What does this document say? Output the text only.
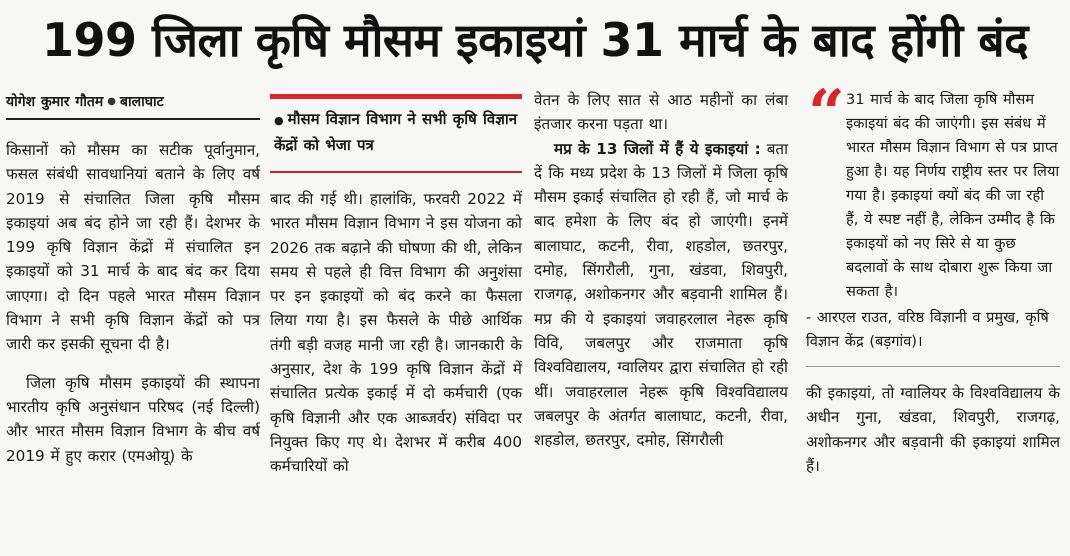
199 जिला कृषि मौसम इकाइयां 31 मार्च के बाद होंगी बंद
योगेश कुमार गौतम ● बालाघाट

किसानों को मौसम का सटीक पूर्वानुमान, फसल संबंधी सावधानियां बताने के लिए वर्ष 2019 से संचालित जिला कृषि मौसम इकाइयां अब बंद होने जा रही हैं। देशभर के 199 कृषि विज्ञान केंद्रों में संचालित इन इकाइयों को 31 मार्च के बाद बंद कर दिया जाएगा। दो दिन पहले भारत मौसम विज्ञान विभाग ने सभी कृषि विज्ञान केंद्रों को पत्र जारी कर इसकी सूचना दी है।

जिला कृषि मौसम इकाइयों की स्थापना भारतीय कृषि अनुसंधान परिषद (नई दिल्ली) और भारत मौसम विज्ञान विभाग के बीच वर्ष 2019 में हुए करार (एमओयू) के

● मौसम विज्ञान विभाग ने सभी कृषि विज्ञान केंद्रों को भेजा पत्र

बाद की गई थी। हालांकि, फरवरी 2022 में भारत मौसम विज्ञान विभाग ने इस योजना को 2026 तक बढ़ाने की घोषणा की थी, लेकिन समय से पहले ही वित्त विभाग की अनुशंसा पर इन इकाइयों को बंद करने का फैसला लिया गया है। इस फैसले के पीछे आर्थिक तंगी बड़ी वजह मानी जा रही है। जानकारी के अनुसार, देश के 199 कृषि विज्ञान केंद्रों में संचालित प्रत्येक इकाई में दो कर्मचारी (एक कृषि विज्ञानी और एक आब्जर्वर) संविदा पर नियुक्त किए गए थे। देशभर में करीब 400 कर्मचारियों को

वेतन के लिए सात से आठ महीनों का लंबा इंतजार करना पड़ता था।

मप्र के 13 जिलों में हैं ये इकाइयां : बता दें कि मध्य प्रदेश के 13 जिलों में जिला कृषि मौसम इकाई संचालित हो रही हैं, जो मार्च के बाद हमेशा के लिए बंद हो जाएंगी। इनमें बालाघाट, कटनी, रीवा, शहडोल, छतरपुर, दमोह, सिंगरौली, गुना, खंडवा, शिवपुरी, राजगढ़, अशोकनगर और बड़वानी शामिल हैं। मप्र की ये इकाइयां जवाहरलाल नेहरू कृषि विवि, जबलपुर और राजमाता कृषि विश्वविद्यालय, ग्वालियर द्वारा संचालित हो रही थीं। जवाहरलाल नेहरू कृषि विश्वविद्यालय जबलपुर के अंतर्गत बालाघाट, कटनी, रीवा, शहडोल, छतरपुर, दमोह, सिंगरौली

“ 31 मार्च के बाद जिला कृषि मौसम इकाइयां बंद की जाएंगी। इस संबंध में भारत मौसम विज्ञान विभाग से पत्र प्राप्त हुआ है। यह निर्णय राष्ट्रीय स्तर पर लिया गया है। इकाइयां क्यों बंद की जा रही हैं, ये स्पष्ट नहीं है, लेकिन उम्मीद है कि इकाइयों को नए सिरे से या कुछ बदलावों के साथ दोबारा शुरू किया जा सकता है।
- आरएल राउत, वरिष्ठ विज्ञानी व प्रमुख, कृषि विज्ञान केंद्र (बड़गांव)।

की इकाइयां, तो ग्वालियर के विश्वविद्यालय के अधीन गुना, खंडवा, शिवपुरी, राजगढ़, अशोकनगर और बड़वानी की इकाइयां शामिल हैं।
